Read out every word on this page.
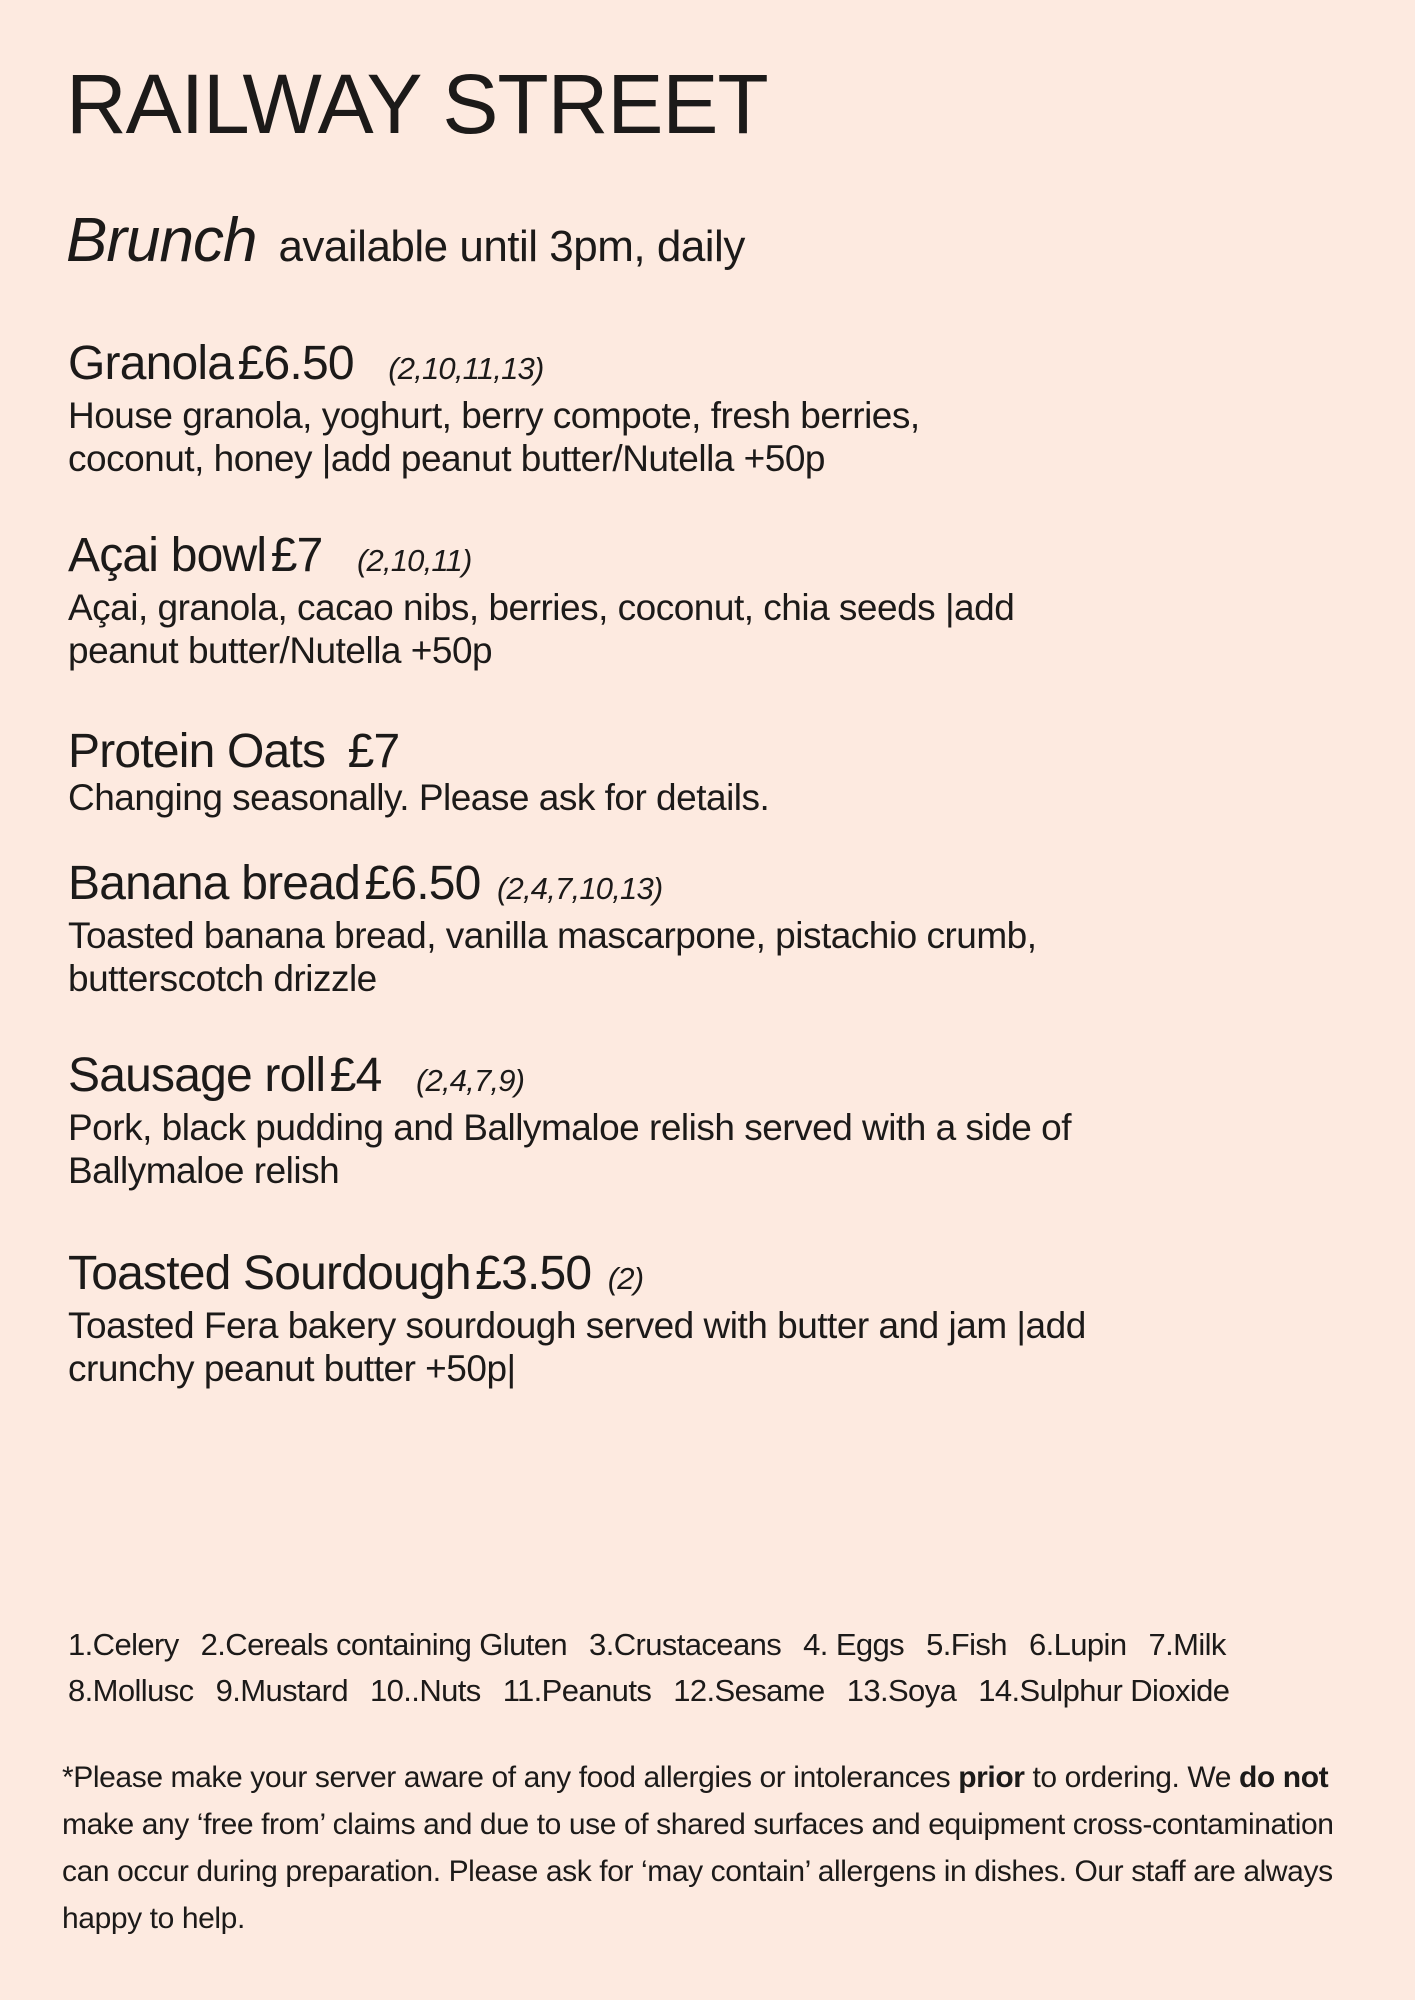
RAILWAY STREET
Brunch available until 3pm, daily
Granola £6.50 (2,10,11,13)
House granola, yoghurt, berry compote, fresh berries,
coconut, honey |add peanut butter/Nutella +50p
Açai bowl £7 (2,10,11)
Açai, granola, cacao nibs, berries, coconut, chia seeds |add
peanut butter/Nutella +50p
Protein Oats £7
Changing seasonally. Please ask for details.
Banana bread £6.50 (2,4,7,10,13)
Toasted banana bread, vanilla mascarpone, pistachio crumb,
butterscotch drizzle
Sausage roll £4 (2,4,7,9)
Pork, black pudding and Ballymaloe relish served with a side of
Ballymaloe relish
Toasted Sourdough £3.50 (2)
Toasted Fera bakery sourdough served with butter and jam |add
crunchy peanut butter +50p|
1.Celery 2.Cereals containing Gluten 3.Crustaceans 4. Eggs 5.Fish 6.Lupin 7.Milk
8.Mollusc 9.Mustard 10..Nuts 11.Peanuts 12.Sesame 13.Soya 14.Sulphur Dioxide
*Please make your server aware of any food allergies or intolerances prior to ordering. We do not make any ‘free from’ claims and due to use of shared surfaces and equipment cross-contamination can occur during preparation. Please ask for ‘may contain’ allergens in dishes. Our staff are always happy to help.
